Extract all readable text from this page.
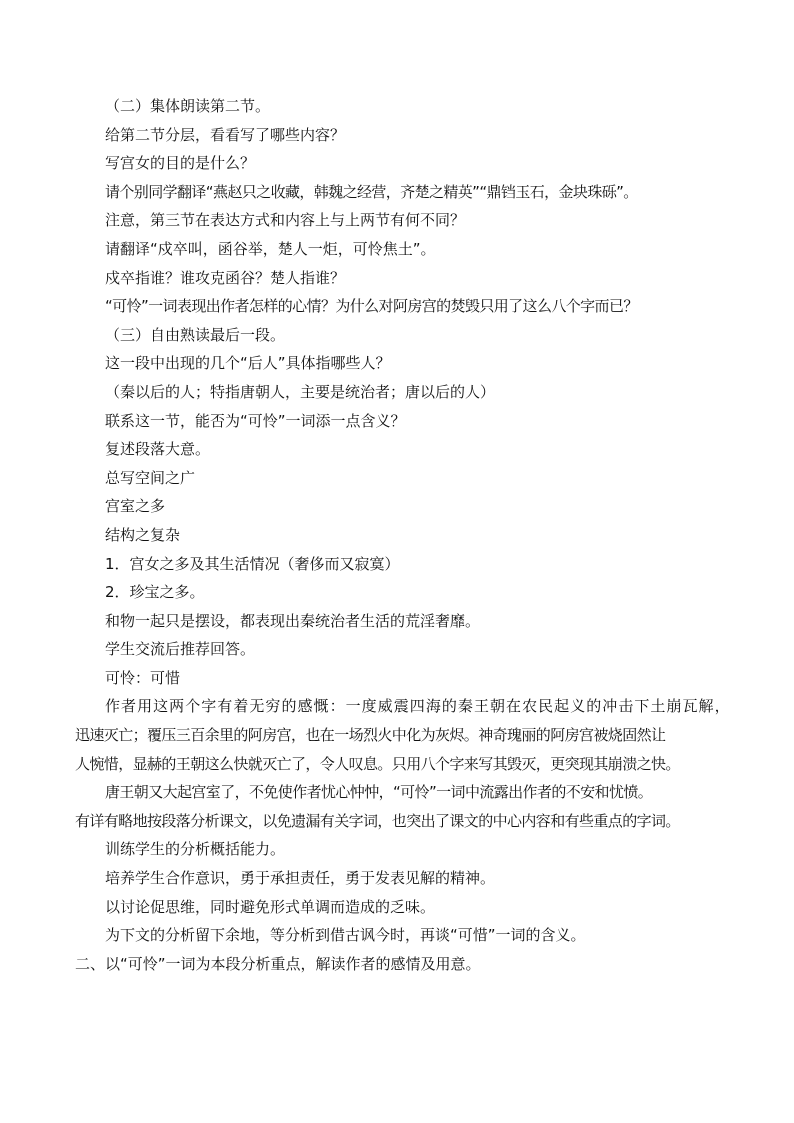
（二）集体朗读第二节。
给第二节分层，看看写了哪些内容？
写宫女的目的是什么？
请个别同学翻译“燕赵只之收藏，韩魏之经营，齐楚之精英”“鼎铛玉石，金块珠砾”。
注意，第三节在表达方式和内容上与上两节有何不同？
请翻译“戍卒叫，函谷举，楚人一炬，可怜焦土”。
戍卒指谁？谁攻克函谷？楚人指谁？
“可怜”一词表现出作者怎样的心情？为什么对阿房宫的焚毁只用了这么八个字而已？
（三）自由熟读最后一段。
这一段中出现的几个“后人”具体指哪些人？
（秦以后的人；特指唐朝人，主要是统治者；唐以后的人）
联系这一节，能否为“可怜”一词添一点含义？
复述段落大意。
总写空间之广
宫室之多
结构之复杂
1．宫女之多及其生活情况（奢侈而又寂寞）
2．珍宝之多。
和物一起只是摆设，都表现出秦统治者生活的荒淫奢靡。
学生交流后推荐回答。
可怜：可惜
作者用这两个字有着无穷的感慨：一度威震四海的秦王朝在农民起义的冲击下土崩瓦解，
迅速灭亡；覆压三百余里的阿房宫，也在一场烈火中化为灰烬。神奇瑰丽的阿房宫被烧固然让
人惋惜，显赫的王朝这么快就灭亡了，令人叹息。只用八个字来写其毁灭，更突现其崩溃之快。
唐王朝又大起宫室了，不免使作者忧心忡忡，“可怜”一词中流露出作者的不安和忧愤。
有详有略地按段落分析课文，以免遗漏有关字词，也突出了课文的中心内容和有些重点的字词。
训练学生的分析概括能力。
培养学生合作意识，勇于承担责任，勇于发表见解的精神。
以讨论促思维，同时避免形式单调而造成的乏味。
为下文的分析留下余地，等分析到借古讽今时，再谈“可惜”一词的含义。
二、以“可怜”一词为本段分析重点，解读作者的感情及用意。
